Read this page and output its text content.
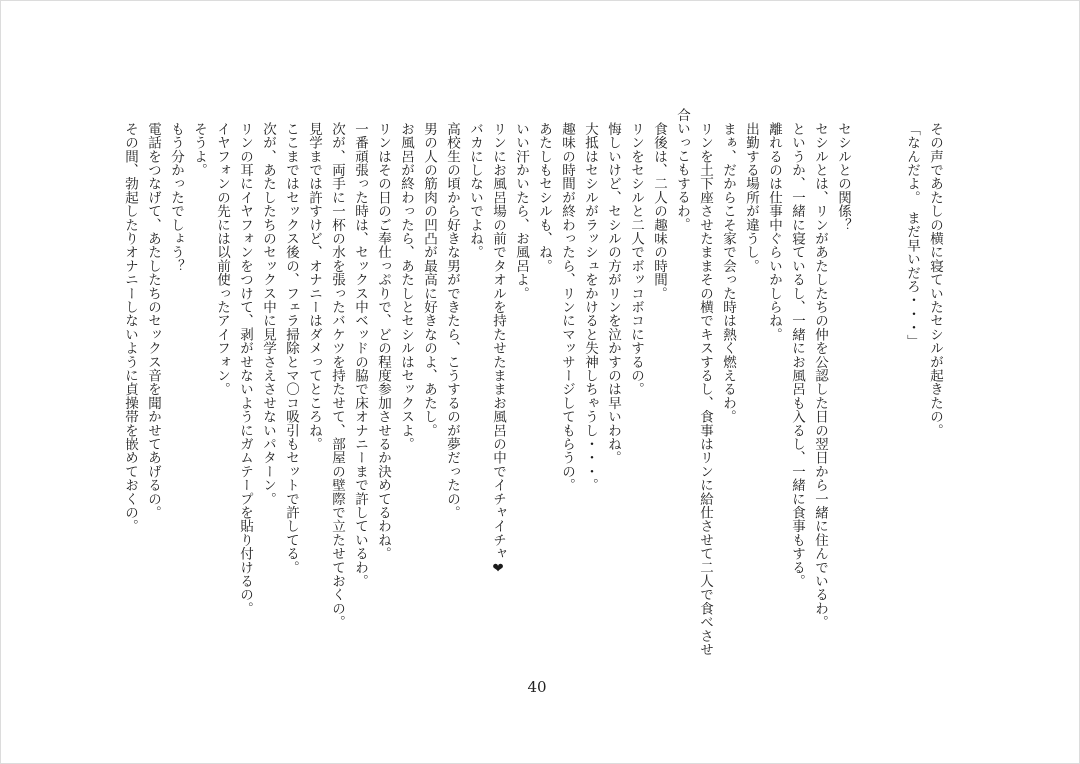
その声であたしの横に寝ていたセシルが起きたの。
「なんだよ。　まだ早いだろ・・・」
セシルとの関係？
セシルとは、リンがあたしたちの仲を公認した日の翌日から一緒に住んでいるわ。
というか、一緒に寝ているし、一緒にお風呂も入るし、一緒に食事もする。
離れるのは仕事中ぐらいかしらね。
出勤する場所が違うし。
まぁ、だからこそ家で会った時は熱く燃えるわ。
リンを土下座させたままその横でキスするし、食事はリンに給仕させて二人で食べさせ
合いっこもするわ。
食後は、二人の趣味の時間。
リンをセシルと二人でボッコボコにするの。
悔しいけど、セシルの方がリンを泣かすのは早いわね。
大抵はセシルがラッシュをかけると失神しちゃうし・・・。
趣味の時間が終わったら、リンにマッサージしてもらうの。
あたしもセシルも、ね。
いい汗かいたら、お風呂よ。
リンにお風呂場の前でタオルを持たせたままお風呂の中でイチャイチャ❤
バカにしないでよね。
高校生の頃から好きな男ができたら、こうするのが夢だったの。
男の人の筋肉の凹凸が最高に好きなのよ、あたし。
お風呂が終わったら、あたしとセシルはセックスよ。
リンはその日のご奉仕っぷりで、どの程度参加させるか決めてるわね。
一番頑張った時は、セックス中ベッドの脇で床オナニーまで許しているわ。
次が、両手に一杯の水を張ったバケツを持たせて、部屋の壁際で立たせておくの。
見学までは許すけど、オナニーはダメってところね。
ここまではセックス後の、フェラ掃除とマ〇コ吸引もセットで許してる。
次が、あたしたちのセックス中に見学さえさせないパターン。
リンの耳にイヤフォンをつけて、剥がせないようにガムテープを貼り付けるの。
イヤフォンの先には以前使ったアイフォン。
そうよ。
もう分かったでしょう？
電話をつなげて、あたしたちのセックス音を聞かせてあげるの。
その間、勃起したりオナニーしないように貞操帯を嵌めておくの。
40
